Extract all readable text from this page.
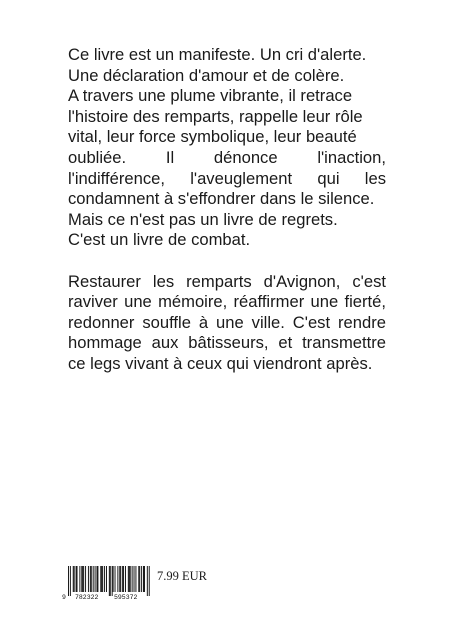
Ce livre est un manifeste. Un cri d'alerte.
Une déclaration d'amour et de colère.
A travers une plume vibrante, il retrace
l'histoire des remparts, rappelle leur rôle
vital, leur force symbolique, leur beauté
oubliée. Il dénonce l'inaction,
l'indifférence, l'aveuglement qui les
condamnent à s'effondrer dans le silence.
Mais ce n'est pas un livre de regrets.
C'est un livre de combat.

Restaurer les remparts d'Avignon, c'est
raviver une mémoire, réaffirmer une fierté,
redonner souffle à une ville. C'est rendre
hommage aux bâtisseurs, et transmettre
ce legs vivant à ceux qui viendront après.

9 782322 595372
7.99 EUR
